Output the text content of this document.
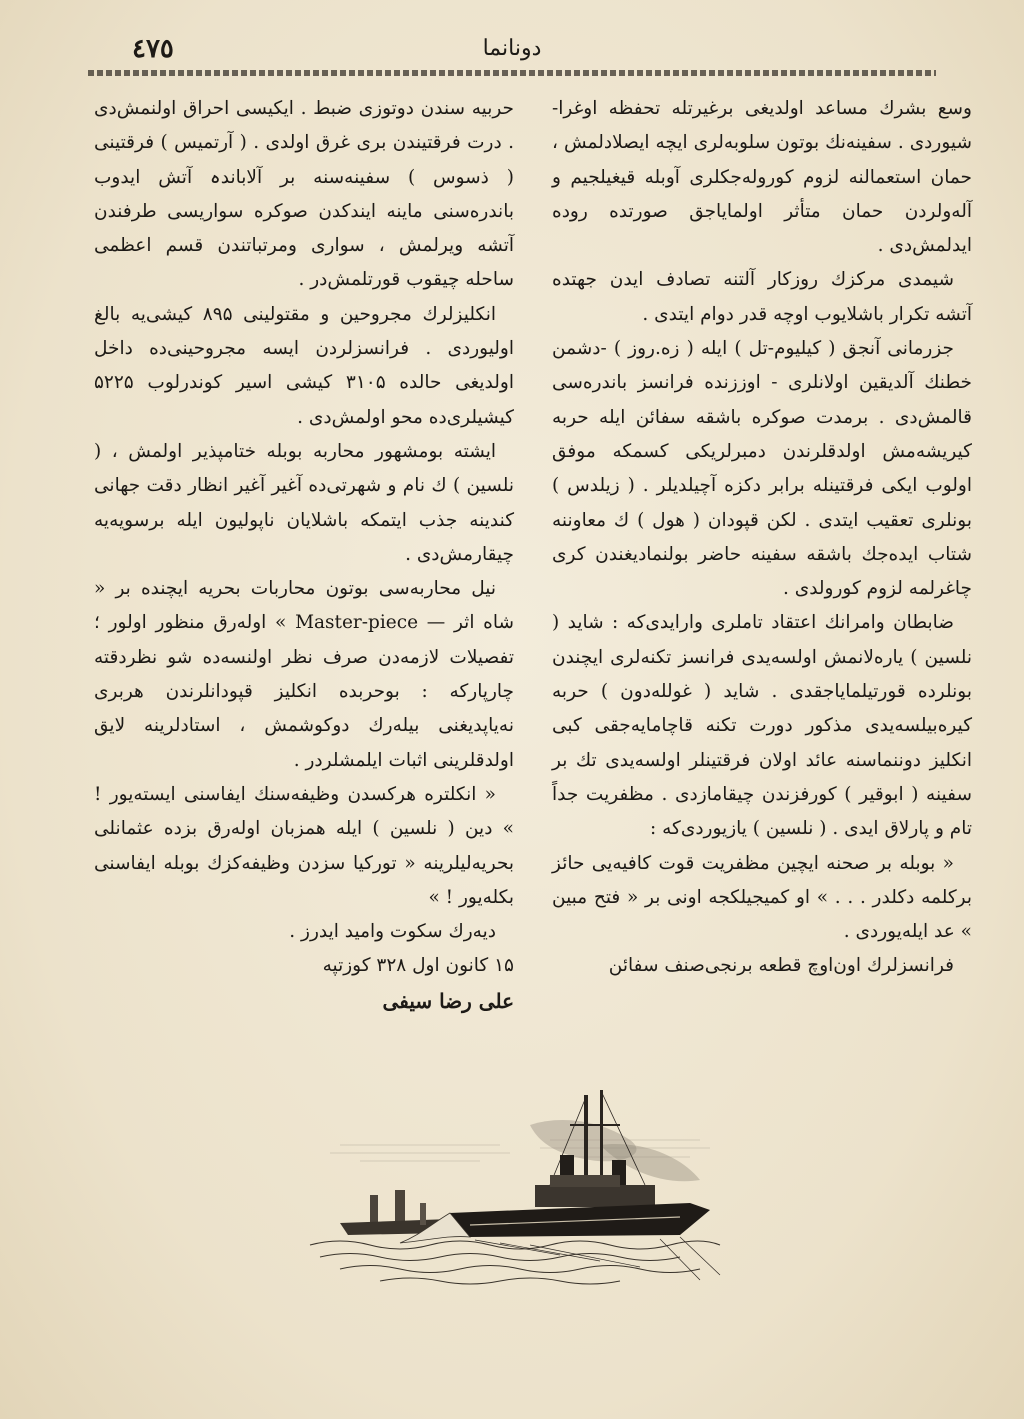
٤٧٥	دونانما

وسع بشرك مساعد اولدیغی برغیرتله تحفظه اوغرا- شیوردی . سفینه‌نك بوتون سلوبه‌لری ایچه ایصلادلمش ، حمان استعمالنه لزوم كوروله‌جكلری آوبله قیغیلجیم و آله‌ولردن حمان متأثر اولمایاجق صورتده روده ایدلمش‌دی .

شیمدی مركزك روزكار آلتنه تصادف ایدن جهتده آتشه تكرار باشلایوب اوچه قدر دوام ایتدی .

جزرمانی آنجق ( كیلیوم-تل ) ایله ( زه.روز ) -دشمن خطنك آلدیقین اولانلری - اوززنده فرانسز باندره‌سی قالمش‌دی . برمدت صوكره باشقه سفائن ایله حربه كیریشه‌مش اولدقلرندن دمبرلریكی كسمكه موفق اولوب ایكی فرقتینله برابر دكزه آچیلدیلر . ( زیلدس ) بونلری تعقیب ایتدی . لكن قپودان ( هول ) ك معاوننه شتاب ایده‌جك باشقه سفینه حاضر بولنمادیغندن كری چاغرلمه لزوم كورولدی .

ضابطان وامرانك اعتقاد تاملری وارایدی‌كه : شاید ( نلسین ) یاره‌لانمش اولسه‌یدی فرانسز تكنه‌لری ایچندن بونلرده قورتیلمایاجقدی . شاید ( غولله‌دون ) حربه كیره‌بیلسه‌یدی مذكور دورت تكنه قاچامایه‌جقی كبی انكلیز دوننماسنه عائد اولان فرقتینلر اولسه‌یدی تك بر سفینه ( ابوقیر ) كورفزندن چیقامازدی . مظفریت جداً تام و پارلاق ایدی . ( نلسین ) یازیوردی‌كه :

« بوبله بر صحنه ایچین مظفریت قوت كافیه‌یی حائز بركلمه دكلدر . . . » او كمیجیلكجه اونی بر « فتح مبین » عد ایله‌یوردی .

فرانسزلرك اون‌اوچ قطعه برنجی‌صنف سفائن

حربیه سندن دوتوزی ضبط . ایكیسی احراق اولنمش‌دی . درت فرقتیندن بری غرق اولدی . ( آرتمیس ) فرقتینی ( ذسوس ) سفینه‌سنه بر آلاباندہ آتش ایدوب باندره‌سنی ماینه ایندكدن صوكره سواریسی طرفندن آتشه ویرلمش ، سواری ومرتباتندن قسم اعظمی ساحله چیقوب قورتلمش‌در .

انكلیزلرك مجروحین و مقتولینی ۸۹۵ كیشی‌یه بالغ اولیوردی . فرانسزلردن ایسه مجروحینی‌ده داخل اولدیغی حالده ۳۱۰۵ كیشی اسیر كوندرلوب ۵۲۲۵ كیشیلری‌ده محو اولمش‌دی .

ایشته بومشهور محاربه بوبله ختامپذیر اولمش ، ( نلسین ) ك نام و شهرتی‌ده آغیر آغیر انظار دقت جهانی كندینه جذب ایتمكه باشلایان ناپولیون ایله برسویه‌یه چیقارمش‌دی .

نیل محاربه‌سی بوتون محاربات بحریه ایچنده بر « شاه اثر — Master-piece » اولەرق منظور اولور ؛ تفصیلات لازمه‌دن صرف نظر اولنسه‌ده شو نظردقته چارپاركه : بوحربده انكلیز قپودانلرندن هربری نه‌یاپدیغنی بیله‌رك دوكوشمش ، استادلرینه لایق اولدقلرینی اثبات ایلمشلردر .

« انكلتره هركسدن وظیفه‌سنك ایفاسنی ایستەیور ! » دین ( نلسین ) ایله همزبان اوله‌رق بزده عثمانلی بحریه‌لیلرینه « توركیا سزدن وظیفه‌كزك بوبله ایفاسنی بكلەیور ! »

دیەرك سكوت وامید ایدرز .

۱۵ كانون اول ۳۲۸ كوزتپه

علی رضا سیفی
